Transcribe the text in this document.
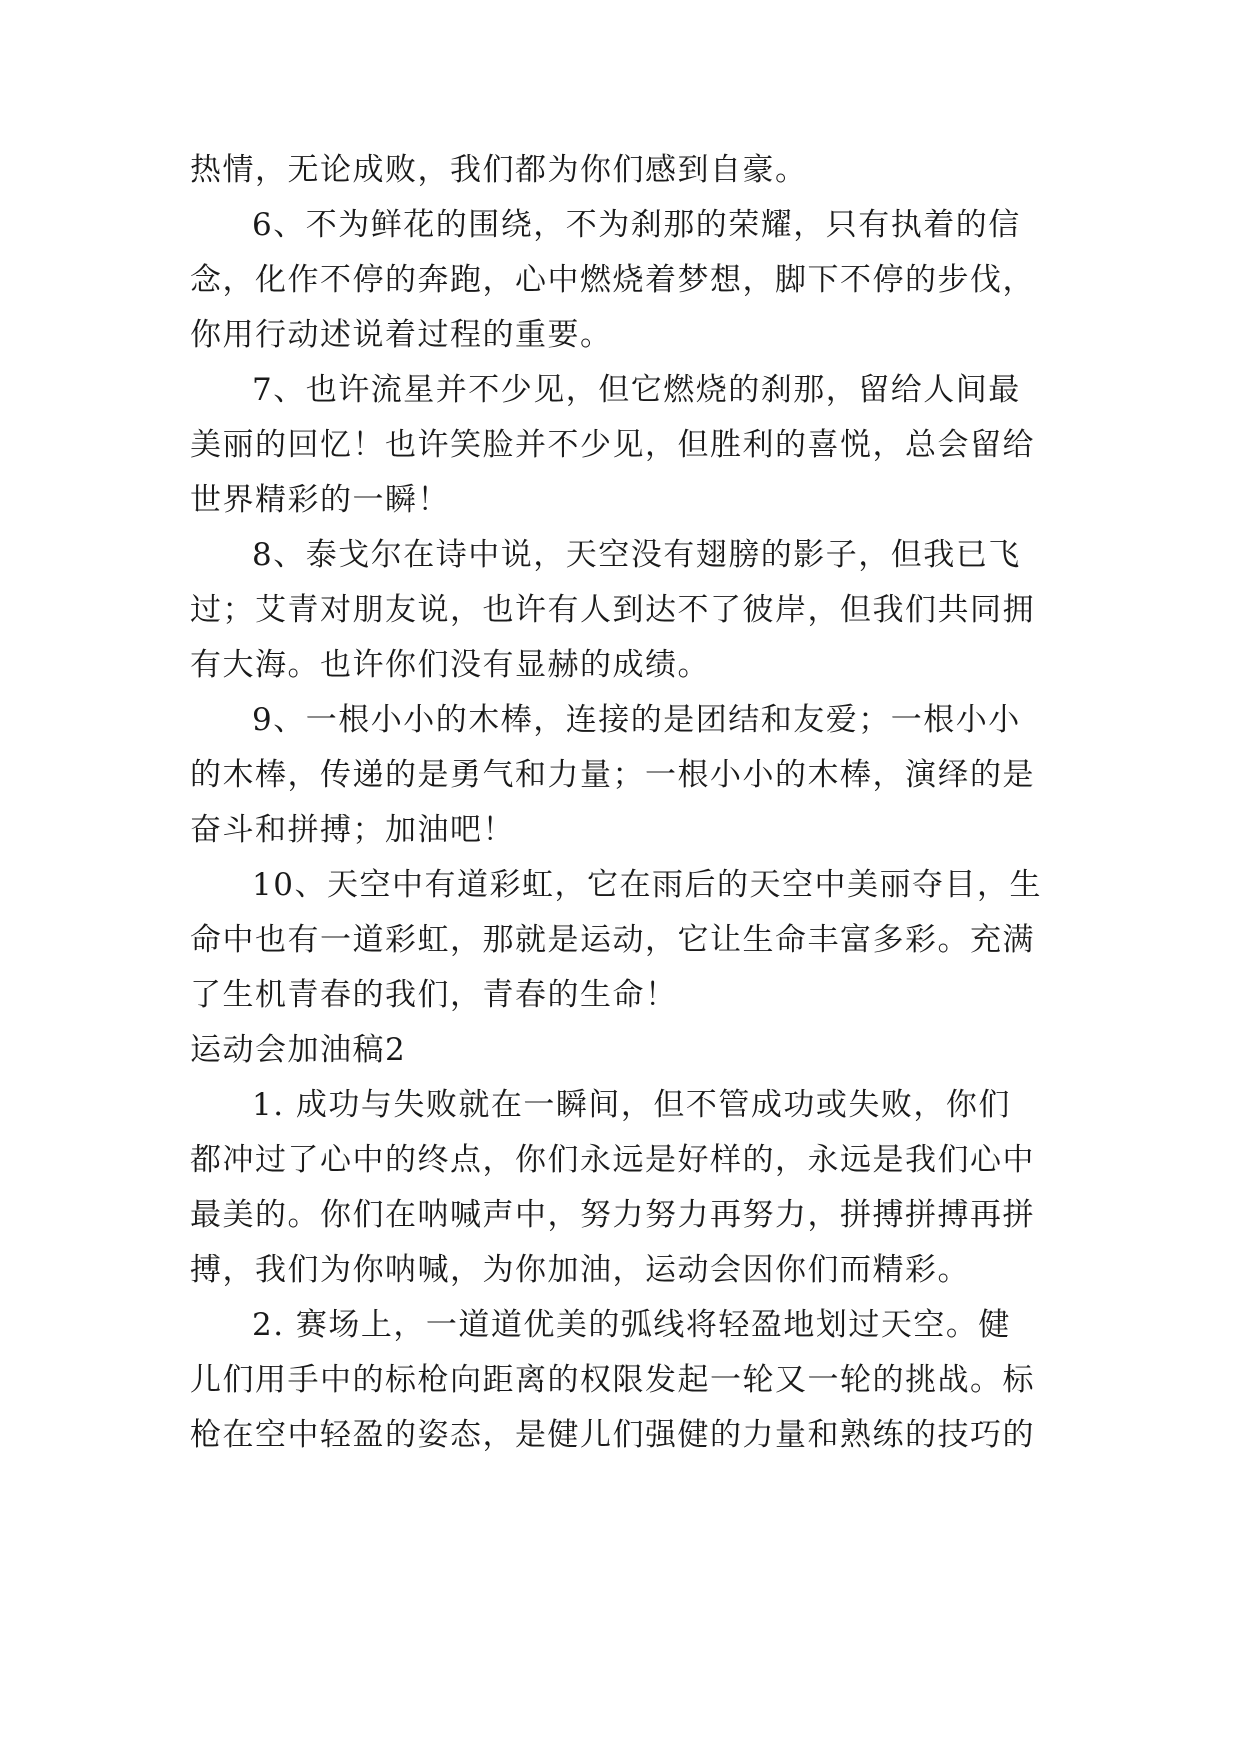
热情，无论成败，我们都为你们感到自豪。
6、不为鲜花的围绕，不为刹那的荣耀，只有执着的信
念，化作不停的奔跑，心中燃烧着梦想，脚下不停的步伐，
你用行动述说着过程的重要。
7、也许流星并不少见，但它燃烧的刹那，留给人间最
美丽的回忆！也许笑脸并不少见，但胜利的喜悦，总会留给
世界精彩的一瞬！
8、泰戈尔在诗中说，天空没有翅膀的影子，但我已飞
过；艾青对朋友说，也许有人到达不了彼岸，但我们共同拥
有大海。也许你们没有显赫的成绩。
9、一根小小的木棒，连接的是团结和友爱；一根小小
的木棒，传递的是勇气和力量；一根小小的木棒，演绎的是
奋斗和拼搏；加油吧！
10、天空中有道彩虹，它在雨后的天空中美丽夺目，生
命中也有一道彩虹，那就是运动，它让生命丰富多彩。充满
了生机青春的我们，青春的生命！
运动会加油稿2
1. 成功与失败就在一瞬间，但不管成功或失败，你们
都冲过了心中的终点，你们永远是好样的，永远是我们心中
最美的。你们在呐喊声中，努力努力再努力，拼搏拼搏再拼
搏，我们为你呐喊，为你加油，运动会因你们而精彩。
2. 赛场上，一道道优美的弧线将轻盈地划过天空。健
儿们用手中的标枪向距离的权限发起一轮又一轮的挑战。标
枪在空中轻盈的姿态，是健儿们强健的力量和熟练的技巧的
